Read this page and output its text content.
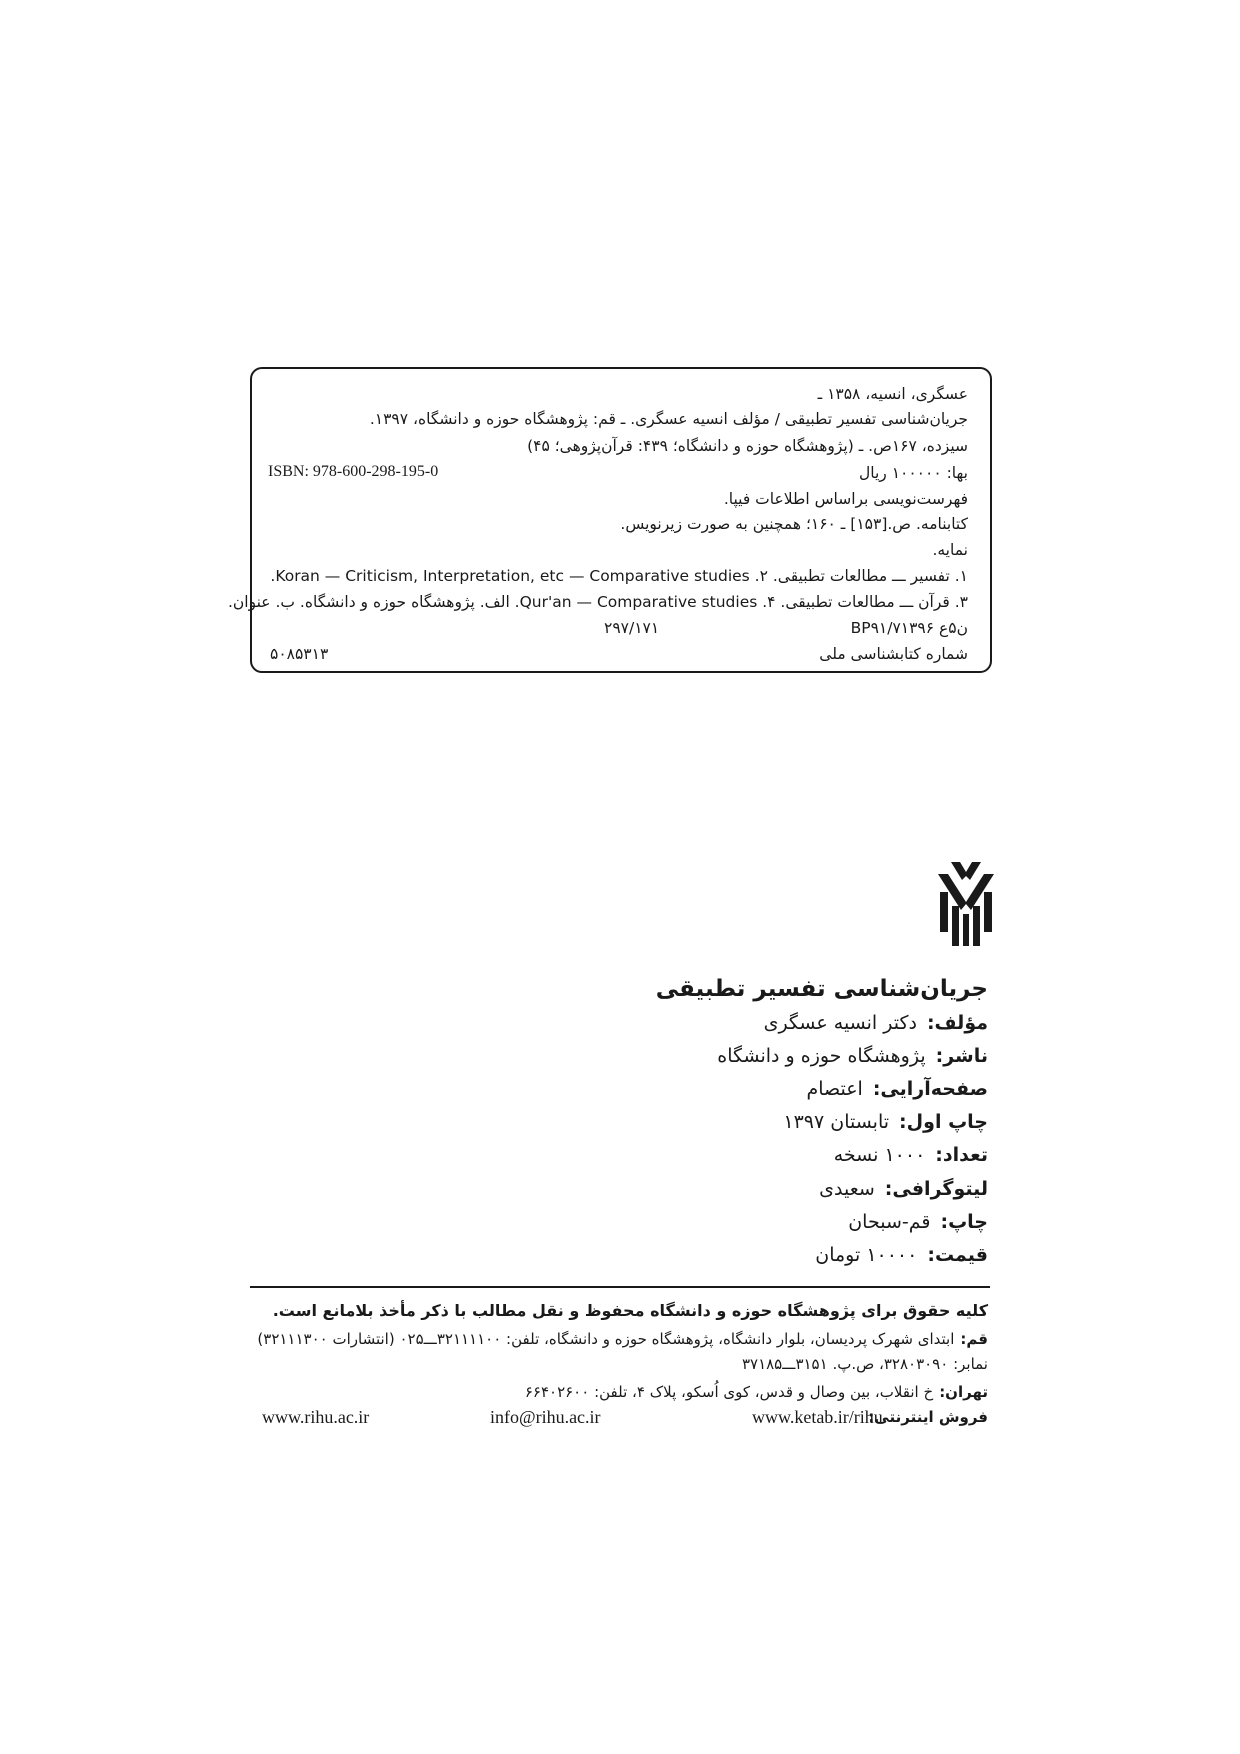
عسگری، انسیه، ۱۳۵۸ ـ
جریان‌شناسی تفسیر تطبیقی / مؤلف انسیه عسگری. ـ قم: پژوهشگاه حوزه و دانشگاه، ۱۳۹۷.
سیزده، ۱۶۷ص. ـ (پژوهشگاه حوزه و دانشگاه؛ ۴۳۹: قرآن‌پژوهی؛ ۴۵)
ISBN: 978-600-298-195-0	بها: ۱۰۰۰۰۰ ریال
فهرست‌نویسی براساس اطلاعات فیپا.
کتابنامه. ص.[۱۵۳] ـ ۱۶۰؛ همچنین به صورت زیرنویس.
نمایه.
۱. تفسیر ـــ مطالعات تطبیقی. ۲. Koran — Criticism, Interpretation, etc — Comparative studies.
۳. قرآن ـــ مطالعات تطبیقی. ۴. Qur'an — Comparative studies. الف. پژوهشگاه حوزه و دانشگاه. ب. عنوان.
BP۹۱/۷ن۵ع ۱۳۹۶
۲۹۷/۱۷۱
شماره کتابشناسی ملی
۵۰۸۵۳۱۳
جریان‌شناسی تفسیر تطبیقی
مؤلف:دکتر انسیه عسگری
ناشر:پژوهشگاه حوزه و دانشگاه
صفحه‌آرایی:اعتصام
چاپ اول:تابستان ۱۳۹۷
تعداد:۱۰۰۰ نسخه
لیتوگرافی:سعیدی
چاپ:قم-سبحان
قیمت:۱۰۰۰۰ تومان
کلیه حقوق برای پژوهشگاه حوزه و دانشگاه محفوظ و نقل مطالب با ذکر مأخذ بلامانع است.
قم:ابتدای شهرک پردیسان، بلوار دانشگاه، پژوهشگاه حوزه و دانشگاه، تلفن: ۳۲۱۱۱۱۰۰ـــ۰۲۵ (انتشارات ۳۲۱۱۱۳۰۰)
نمابر: ۳۲۸۰۳۰۹۰، ص.پ. ۳۱۵۱ـــ۳۷۱۸۵
تهران:خ انقلاب، بین وصال و قدس، کوی اُسکو، پلاک ۴، تلفن: ۶۶۴۰۲۶۰۰
فروش اینترنتی:
www.ketab.ir/rihu
info@rihu.ac.ir
www.rihu.ac.ir
